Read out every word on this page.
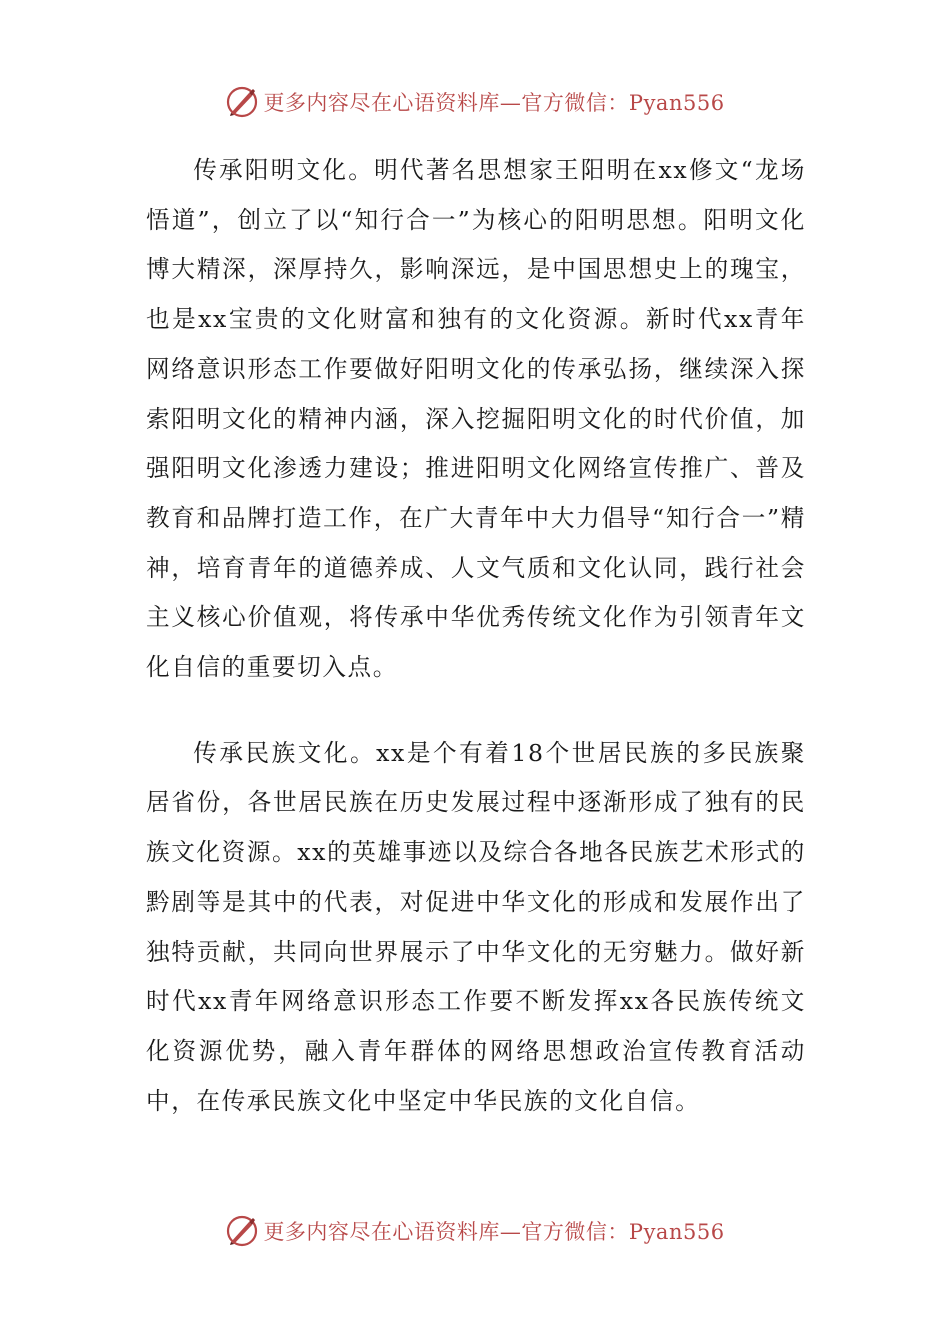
更多内容尽在心语资料库—官方微信：Pyan556

传承阳明文化。明代著名思想家王阳明在xx修文“龙场悟道”，创立了以“知行合一”为核心的阳明思想。阳明文化博大精深，深厚持久，影响深远，是中国思想史上的瑰宝，也是xx宝贵的文化财富和独有的文化资源。新时代xx青年网络意识形态工作要做好阳明文化的传承弘扬，继续深入探索阳明文化的精神内涵，深入挖掘阳明文化的时代价值，加强阳明文化渗透力建设；推进阳明文化网络宣传推广、普及教育和品牌打造工作，在广大青年中大力倡导“知行合一”精神，培育青年的道德养成、人文气质和文化认同，践行社会主义核心价值观，将传承中华优秀传统文化作为引领青年文化自信的重要切入点。

传承民族文化。xx是个有着18个世居民族的多民族聚居省份，各世居民族在历史发展过程中逐渐形成了独有的民族文化资源。xx的英雄事迹以及综合各地各民族艺术形式的黔剧等是其中的代表，对促进中华文化的形成和发展作出了独特贡献，共同向世界展示了中华文化的无穷魅力。做好新时代xx青年网络意识形态工作要不断发挥xx各民族传统文化资源优势，融入青年群体的网络思想政治宣传教育活动中，在传承民族文化中坚定中华民族的文化自信。

更多内容尽在心语资料库—官方微信：Pyan556
